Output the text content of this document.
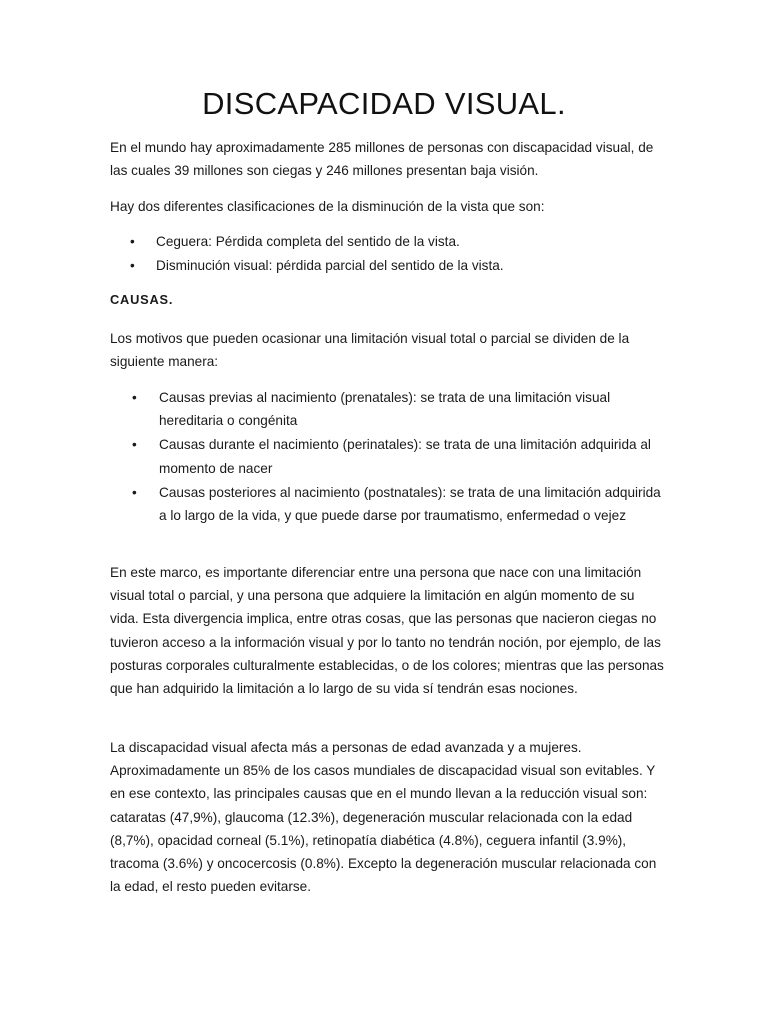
DISCAPACIDAD VISUAL.

En el mundo hay aproximadamente 285 millones de personas con discapacidad visual, de las cuales 39 millones son ciegas y 246 millones presentan baja visión.

Hay dos diferentes clasificaciones de la disminución de la vista que son:

• Ceguera: Pérdida completa del sentido de la vista.
• Disminución visual: pérdida parcial del sentido de la vista.
CAUSAS.

Los motivos que pueden ocasionar una limitación visual total o parcial se dividen de la siguiente manera:

• Causas previas al nacimiento (prenatales): se trata de una limitación visual hereditaria o congénita
• Causas durante el nacimiento (perinatales): se trata de una limitación adquirida al momento de nacer
• Causas posteriores al nacimiento (postnatales): se trata de una limitación adquirida a lo largo de la vida, y que puede darse por traumatismo, enfermedad o vejez

En este marco, es importante diferenciar entre una persona que nace con una limitación visual total o parcial, y una persona que adquiere la limitación en algún momento de su vida. Esta divergencia implica, entre otras cosas, que las personas que nacieron ciegas no tuvieron acceso a la información visual y por lo tanto no tendrán noción, por ejemplo, de las posturas corporales culturalmente establecidas, o de los colores; mientras que las personas que han adquirido la limitación a lo largo de su vida sí tendrán esas nociones.

La discapacidad visual afecta más a personas de edad avanzada y a mujeres. Aproximadamente un 85% de los casos mundiales de discapacidad visual son evitables. Y en ese contexto, las principales causas que en el mundo llevan a la reducción visual son: cataratas (47,9%), glaucoma (12.3%), degeneración muscular relacionada con la edad (8,7%), opacidad corneal (5.1%), retinopatía diabética (4.8%), ceguera infantil (3.9%), tracoma (3.6%) y oncocercosis (0.8%). Excepto la degeneración muscular relacionada con la edad, el resto pueden evitarse.
